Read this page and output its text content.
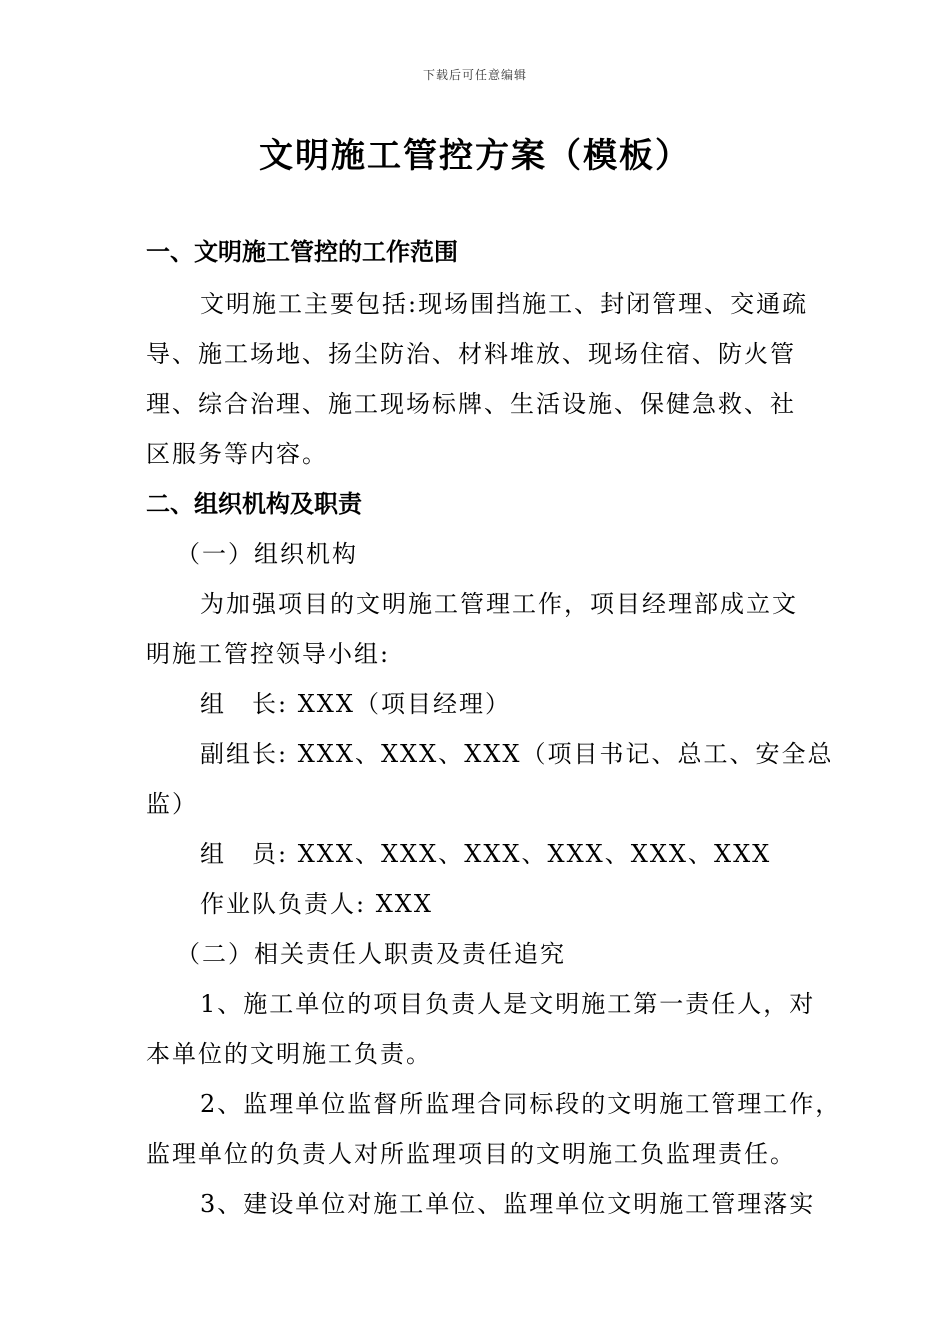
下载后可任意编辑
文明施工管控方案（模板）
一、文明施工管控的工作范围
文明施工主要包括:现场围挡施工、封闭管理、交通疏
导、施工场地、扬尘防治、材料堆放、现场住宿、防火管
理、综合治理、施工现场标牌、生活设施、保健急救、社
区服务等内容。
二、组织机构及职责
（一）组织机构
为加强项目的文明施工管理工作，项目经理部成立文
明施工管控领导小组:
组　长: XXX（项目经理）
副组长: XXX、XXX、XXX（项目书记、总工、安全总
监）
组　员: XXX、XXX、XXX、XXX、XXX、XXX
作业队负责人: XXX
（二）相关责任人职责及责任追究
1、施工单位的项目负责人是文明施工第一责任人，对
本单位的文明施工负责。
2、监理单位监督所监理合同标段的文明施工管理工作，
监理单位的负责人对所监理项目的文明施工负监理责任。
3、建设单位对施工单位、监理单位文明施工管理落实
